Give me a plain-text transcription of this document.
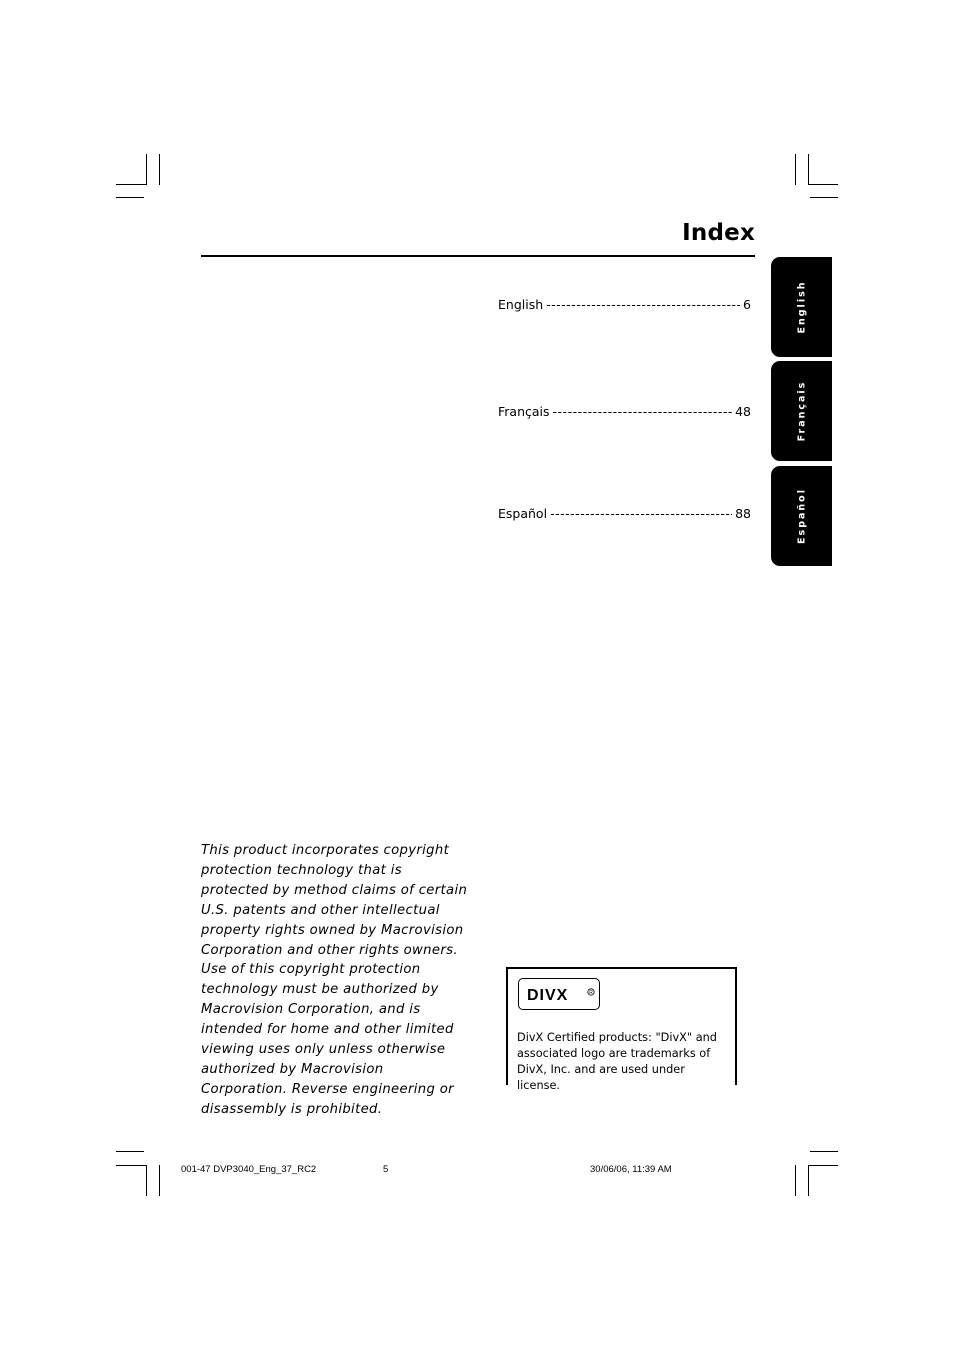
Index
English -----	6
Français -----	48
Español -----	88
English
Français
Español
This product incorporates copyright protection technology that is protected by method claims of certain U.S. patents and other intellectual property rights owned by Macrovision Corporation and other rights owners. Use of this copyright protection technology must be authorized by Macrovision Corporation, and is intended for home and other limited viewing uses only unless otherwise authorized by Macrovision Corporation. Reverse engineering or disassembly is prohibited.
DIVX	R
DivX Certified products: "DivX" and associated logo are trademarks of DivX, Inc. and are used under license.
001-47 DVP3040_Eng_37_RC2	5	30/06/06, 11:39 AM
